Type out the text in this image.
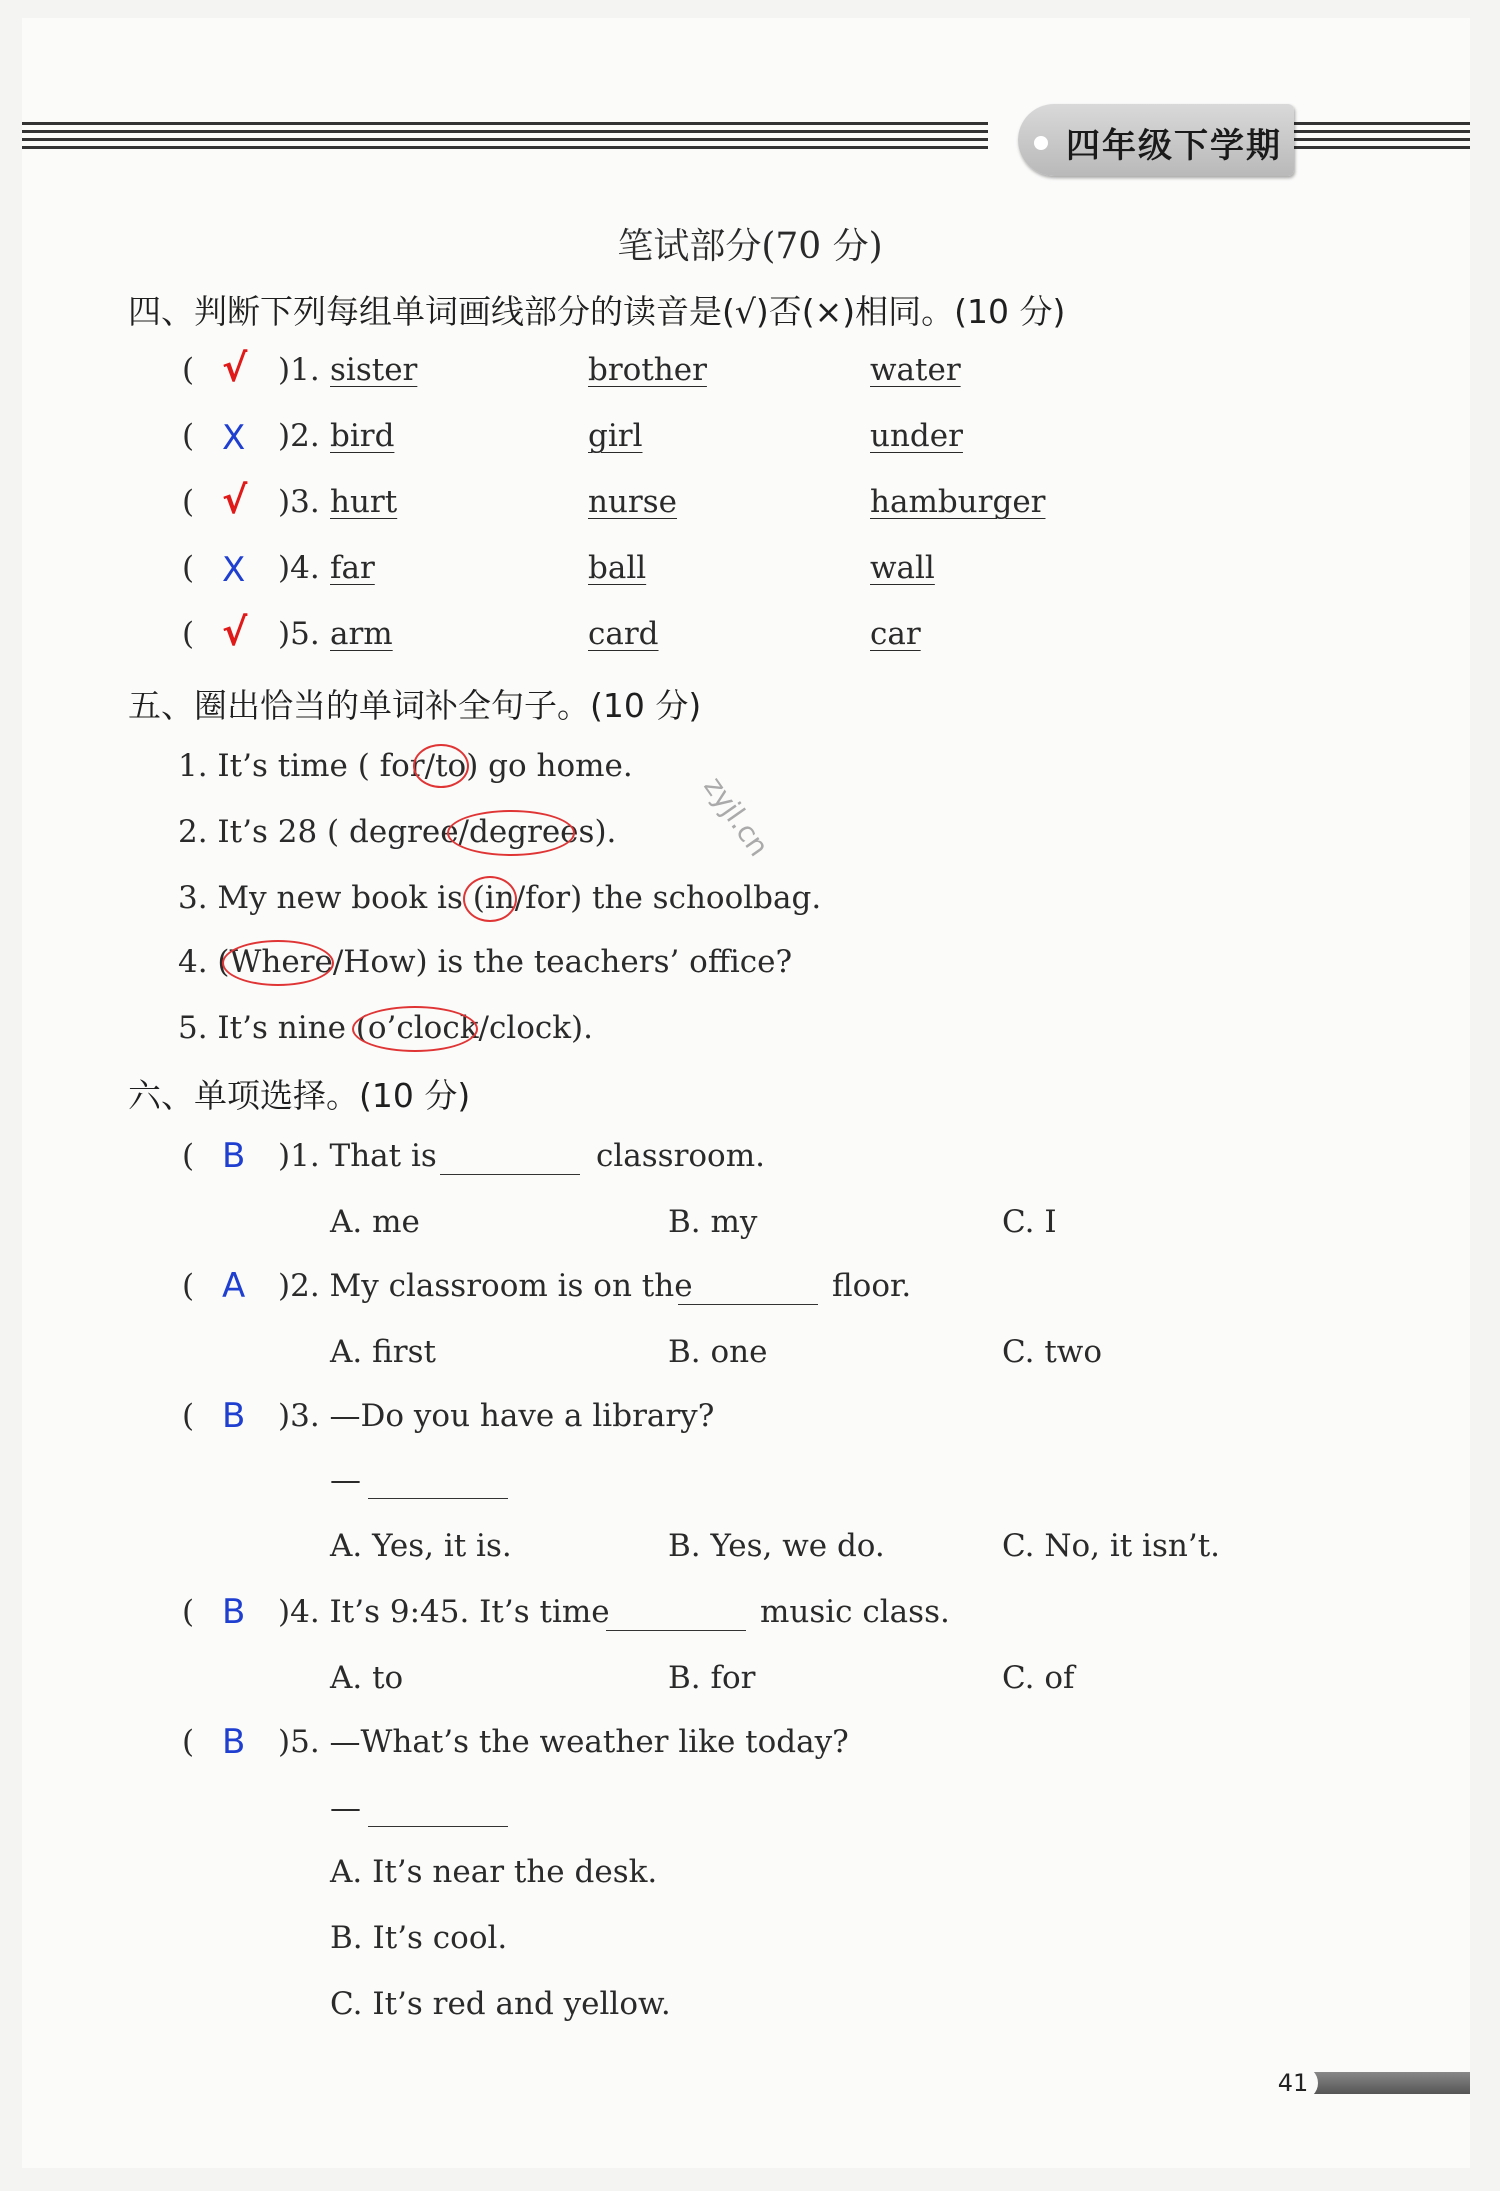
四年级下学期
笔试部分(70 分)
四、判断下列每组单词画线部分的读音是(√)否(×)相同。(10 分)
( √ )1. sister	brother	water
( X )2. bird	girl	under
( √ )3. hurt	nurse	hamburger
( X )4. far	ball	wall
( √ )5. arm	card	car
五、圈出恰当的单词补全句子。(10 分)
1. It’s time ( for/to) go home.
2. It’s 28 ( degree/degrees).
3. My new book is (in/for) the schoolbag.
4. (Where/How) is the teachers’ office?
5. It’s nine (o’clock/clock).
zyjl.cn
六、单项选择。(10 分)
( B )1. That is	classroom.
A. me	B. my	C. I
( A )2. My classroom is on the	floor.
A. first	B. one	C. two
( B )3. —Do you have a library?
—
A. Yes, it is.	B. Yes, we do.	C. No, it isn’t.
( B )4. It’s 9:45. It’s time	music class.
A. to	B. for	C. of
( B )5. —What’s the weather like today?
—
A. It’s near the desk.
B. It’s cool.
C. It’s red and yellow.
41
